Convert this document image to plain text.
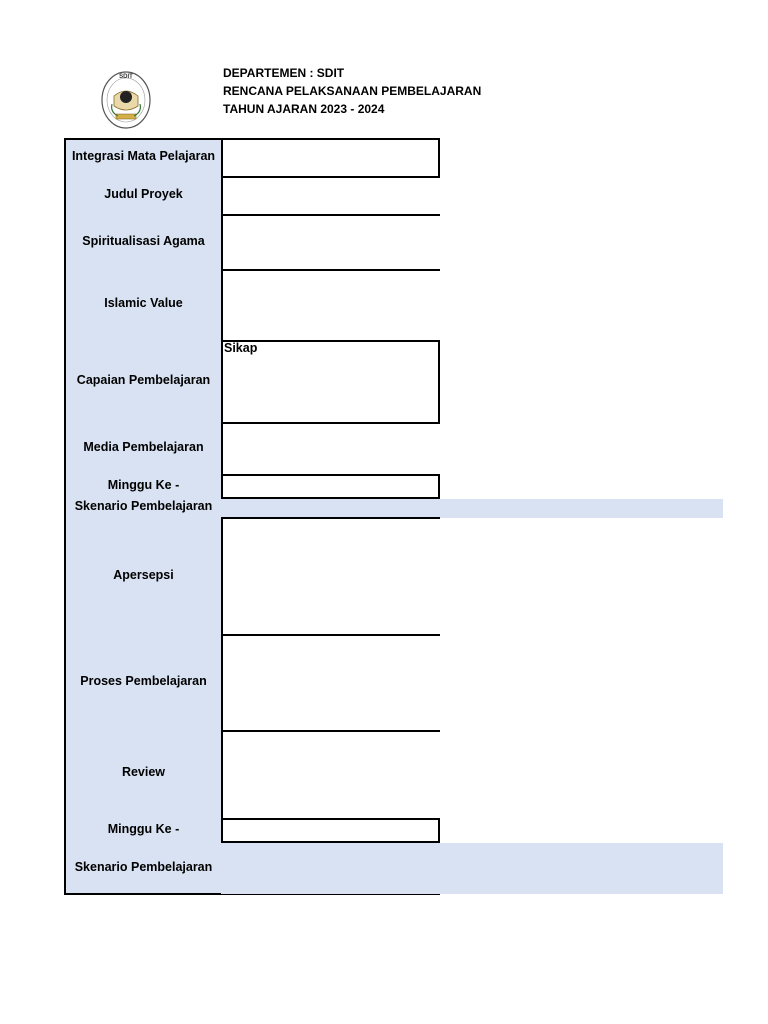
SDIT	DEPARTEMEN : SDIT
RENCANA PELAKSANAAN PEMBELAJARAN
TAHUN AJARAN 2023 - 2024
Sikap
Integrasi Mata Pelajaran
Judul Proyek
Spiritualisasi Agama
Islamic Value
Capaian Pembelajaran
Media Pembelajaran
Minggu Ke -
Skenario Pembelajaran
Apersepsi
Proses Pembelajaran
Review
Minggu Ke -
Skenario Pembelajaran
